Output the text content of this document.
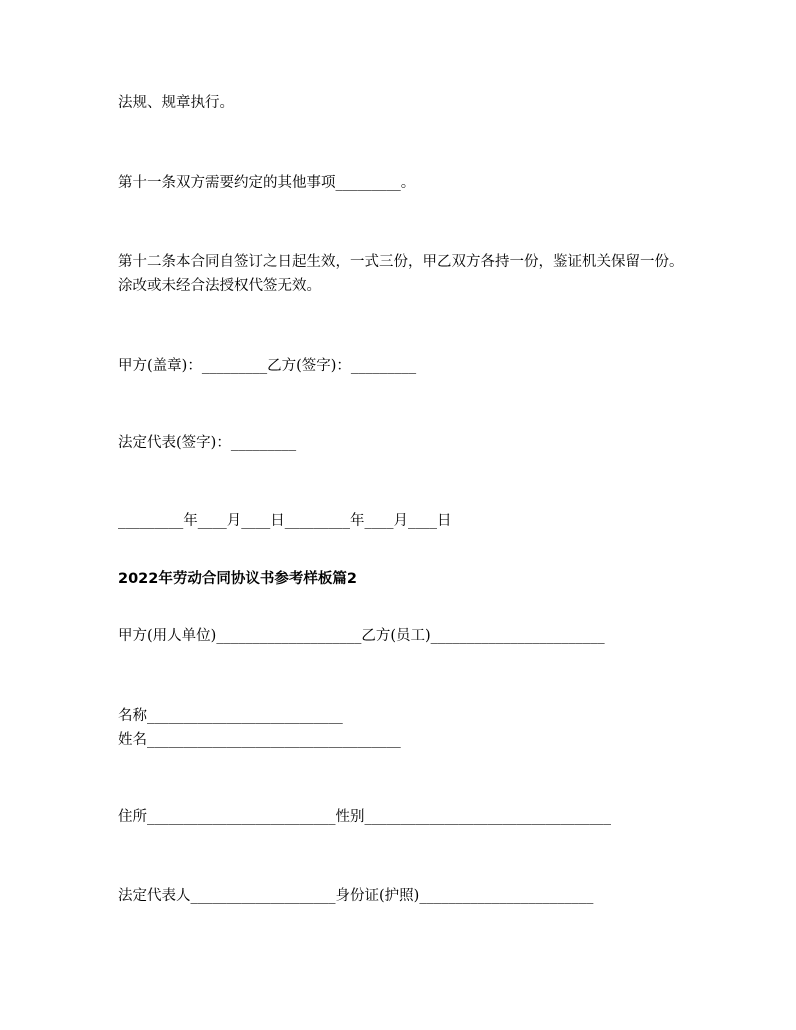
法规、规章执行。
第十一条双方需要约定的其他事项_________。
第十二条本合同自签订之日起生效，一式三份，甲乙双方各持一份，鉴证机关保留一份。涂改或未经合法授权代签无效。
甲方(盖章)：_________乙方(签字)：_________
法定代表(签字)：_________
_________年____月____日_________年____月____日
2022年劳动合同协议书参考样板篇2
甲方(用人单位)____________________乙方(员工)________________________
名称___________________________
姓名___________________________________
住所__________________________性别__________________________________
法定代表人____________________身份证(护照)________________________
